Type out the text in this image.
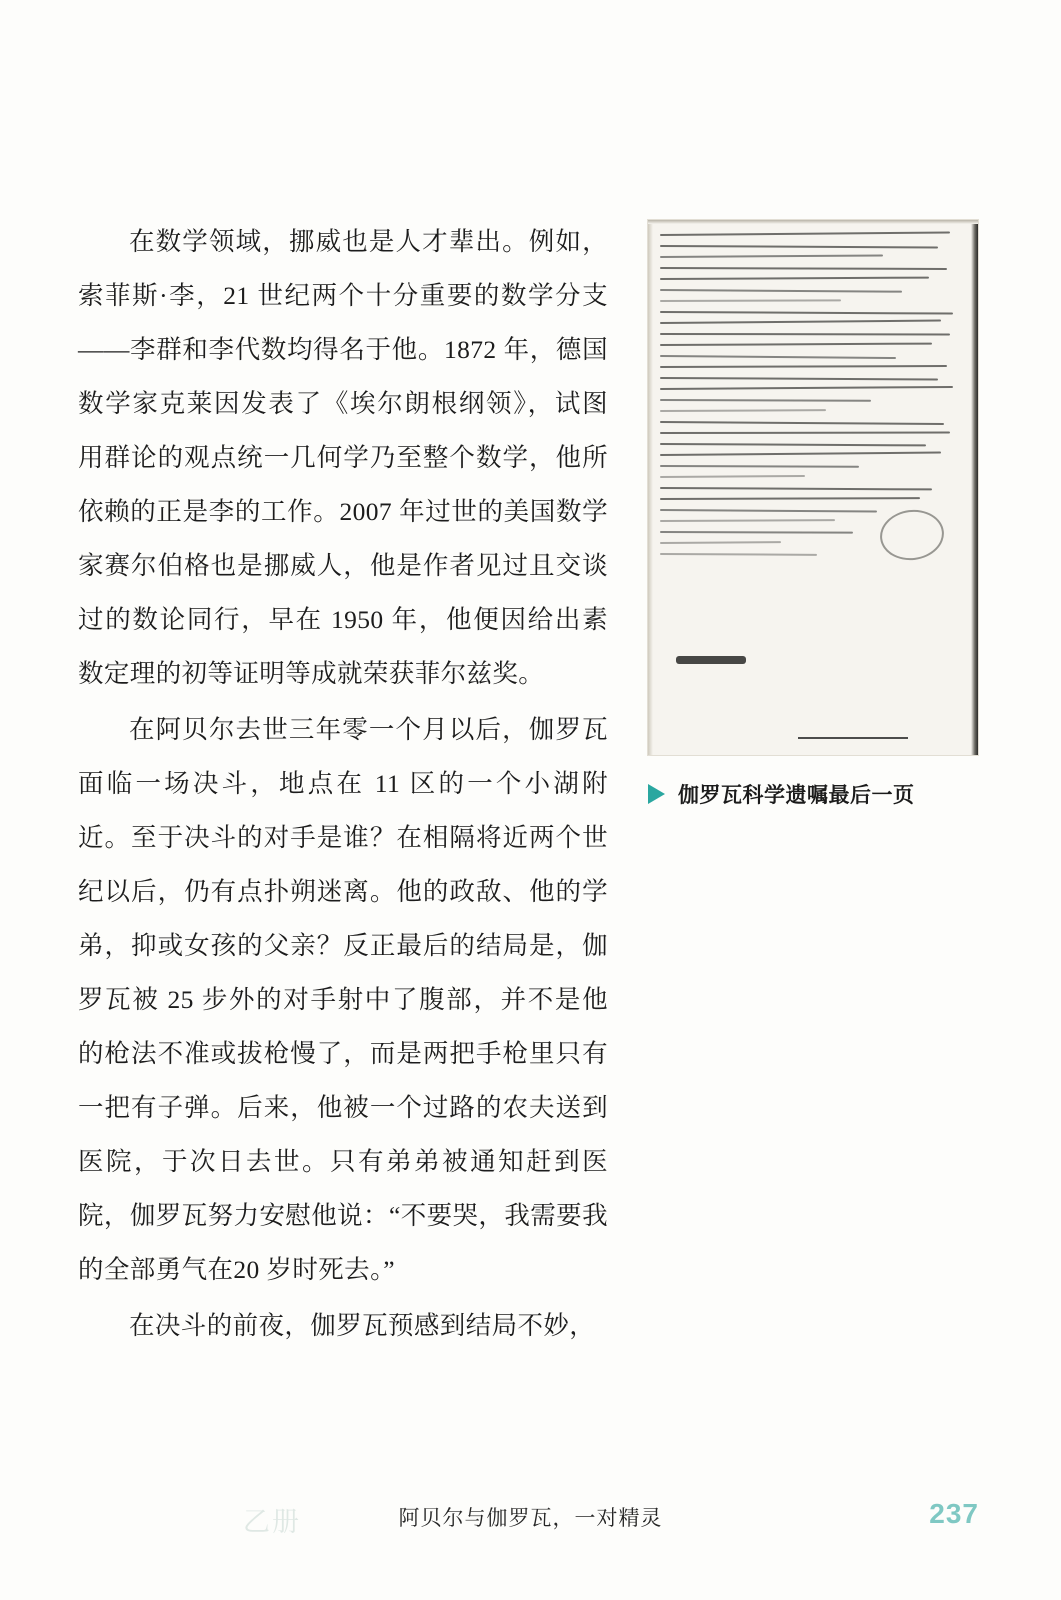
在数学领域，挪威也是人才辈出。例如，索菲斯·李，21 世纪两个十分重要的数学分支——李群和李代数均得名于他。1872 年，德国数学家克莱因发表了《埃尔朗根纲领》，试图用群论的观点统一几何学乃至整个数学，他所依赖的正是李的工作。2007 年过世的美国数学家赛尔伯格也是挪威人，他是作者见过且交谈过的数论同行，早在 1950 年，他便因给出素数定理的初等证明等成就荣获菲尔兹奖。

在阿贝尔去世三年零一个月以后，伽罗瓦面临一场决斗，地点在 11 区的一个小湖附近。至于决斗的对手是谁？在相隔将近两个世纪以后，仍有点扑朔迷离。他的政敌、他的学弟，抑或女孩的父亲？反正最后的结局是，伽罗瓦被 25 步外的对手射中了腹部，并不是他的枪法不准或拔枪慢了，而是两把手枪里只有一把有子弹。后来，他被一个过路的农夫送到医院，于次日去世。只有弟弟被通知赶到医院，伽罗瓦努力安慰他说：“不要哭，我需要我的全部勇气在20 岁时死去。”

在决斗的前夜，伽罗瓦预感到结局不妙，

伽罗瓦科学遗嘱最后一页
乙册	阿贝尔与伽罗瓦，一对精灵	237
